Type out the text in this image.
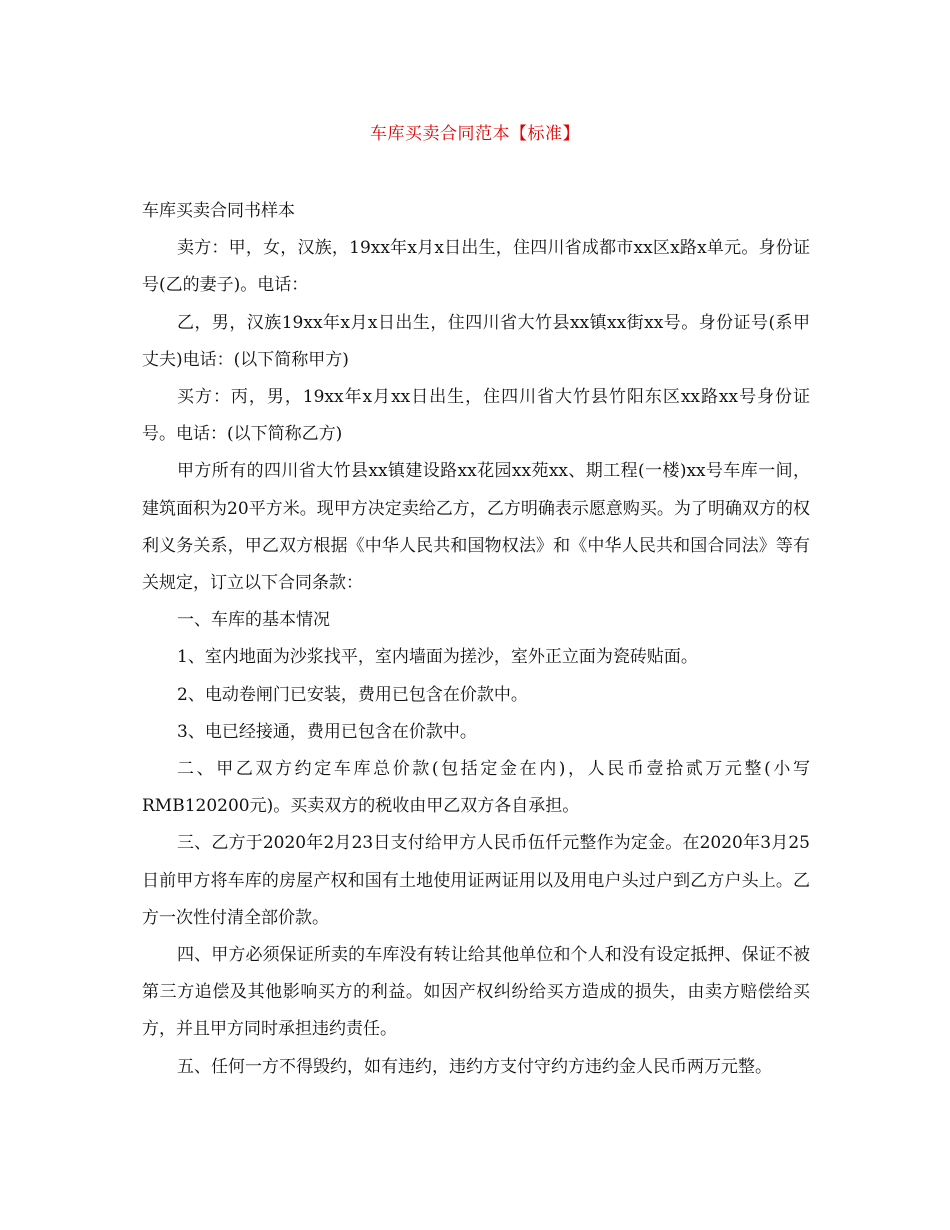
车库买卖合同范本【标准】

车库买卖合同书样本

卖方：甲，女，汉族，19xx年x月x日出生，住四川省成都市xx区x路x单元。身份证号(乙的妻子)。电话：

乙，男，汉族19xx年x月x日出生，住四川省大竹县xx镇xx街xx号。身份证号(系甲丈夫)电话：(以下简称甲方)

买方：丙，男，19xx年x月xx日出生，住四川省大竹县竹阳东区xx路xx号身份证号。电话：(以下简称乙方)

甲方所有的四川省大竹县xx镇建设路xx花园xx苑xx、期工程(一楼)xx号车库一间，建筑面积为20平方米。现甲方决定卖给乙方，乙方明确表示愿意购买。为了明确双方的权利义务关系，甲乙双方根据《中华人民共和国物权法》和《中华人民共和国合同法》等有关规定，订立以下合同条款：

一、车库的基本情况

1、室内地面为沙浆找平，室内墙面为搓沙，室外正立面为瓷砖贴面。

2、电动卷闸门已安装，费用已包含在价款中。

3、电已经接通，费用已包含在价款中。

二、甲乙双方约定车库总价款(包括定金在内)，人民币壹拾贰万元整(小写RMB120200元)。买卖双方的税收由甲乙双方各自承担。

三、乙方于2020年2月23日支付给甲方人民币伍仟元整作为定金。在2020年3月25日前甲方将车库的房屋产权和国有土地使用证两证用以及用电户头过户到乙方户头上。乙方一次性付清全部价款。

四、甲方必须保证所卖的车库没有转让给其他单位和个人和没有设定抵押、保证不被第三方追偿及其他影响买方的利益。如因产权纠纷给买方造成的损失，由卖方赔偿给买方，并且甲方同时承担违约责任。

五、任何一方不得毁约，如有违约，违约方支付守约方违约金人民币两万元整。
